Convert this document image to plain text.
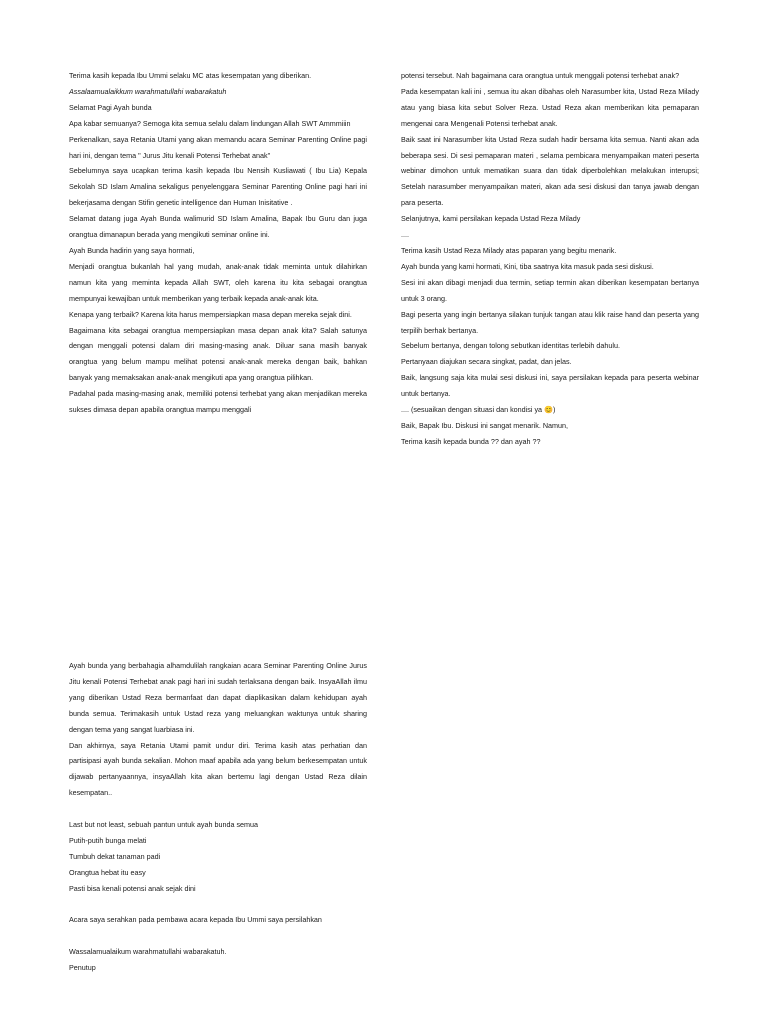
Terima kasih kepada Ibu Ummi selaku MC atas kesempatan yang diberikan.

Assalaamualaikkum warahmatullahi wabarakatuh

Selamat Pagi Ayah bunda

Apa kabar semuanya? Semoga kita semua selalu dalam lindungan Allah SWT Ammmiiin

Perkenalkan, saya Retania Utami yang akan memandu acara Seminar Parenting Online pagi hari ini, dengan tema " Jurus Jitu kenali Potensi Terhebat anak"

Sebelumnya saya ucapkan terima kasih kepada Ibu Nensih Kusliawati ( Ibu Lia) Kepala Sekolah SD Islam Amalina sekaligus penyelenggara Seminar Parenting Online pagi hari ini bekerjasama dengan Stifin genetic intelligence dan Human Inisitative .

Selamat datang juga Ayah Bunda walimurid SD Islam Amalina, Bapak Ibu Guru dan juga orangtua dimanapun berada yang mengikuti seminar online ini.

Ayah Bunda hadirin yang saya hormati,

Menjadi orangtua bukanlah hal yang mudah, anak-anak tidak meminta untuk dilahirkan namun kita yang meminta kepada Allah SWT, oleh karena itu kita sebagai orangtua mempunyai kewajiban untuk memberikan yang terbaik kepada anak-anak kita.

Kenapa yang terbaik? Karena kita harus mempersiapkan masa depan mereka sejak dini.

Bagaimana kita sebagai orangtua mempersiapkan masa depan anak kita? Salah satunya dengan menggali potensi dalam diri masing-masing anak. Diluar sana masih banyak orangtua yang belum mampu melihat potensi anak-anak mereka dengan baik, bahkan banyak yang memaksakan anak-anak mengikuti apa yang orangtua pilihkan.

Padahal pada masing-masing anak, memiliki potensi terhebat yang akan menjadikan mereka sukses dimasa depan apabila orangtua mampu menggali

potensi tersebut. Nah bagaimana cara orangtua untuk menggali potensi terhebat anak?

Pada kesempatan kali ini , semua itu akan dibahas oleh Narasumber kita, Ustad Reza Milady atau yang biasa kita sebut Solver Reza. Ustad Reza akan memberikan kita pemaparan mengenai cara Mengenali Potensi terhebat anak.

Baik saat ini Narasumber kita Ustad Reza sudah hadir bersama kita semua. Nanti akan ada beberapa sesi. Di sesi pemaparan materi , selama pembicara menyampaikan materi peserta webinar dimohon untuk mematikan suara dan tidak diperbolehkan melakukan interupsi; Setelah narasumber menyampaikan materi, akan ada sesi diskusi dan tanya jawab dengan para peserta.

Selanjutnya, kami persilakan kepada Ustad Reza Milady

....

Terima kasih Ustad Reza Milady atas paparan yang begitu menarik.

Ayah bunda yang kami hormati, Kini, tiba saatnya kita masuk pada sesi diskusi.

Sesi ini akan dibagi menjadi dua termin, setiap termin akan diberikan kesempatan bertanya untuk 3 orang.

Bagi peserta yang ingin bertanya silakan tunjuk tangan atau klik raise hand dan peserta yang terpilih berhak bertanya.

Sebelum bertanya, dengan tolong sebutkan identitas terlebih dahulu.

Pertanyaan diajukan secara singkat, padat, dan jelas.

Baik, langsung saja kita mulai sesi diskusi ini, saya persilakan kepada para peserta webinar untuk bertanya.

.... (sesuaikan dengan situasi dan kondisi ya 😊)

Baik, Bapak Ibu. Diskusi ini sangat menarik. Namun,

Terima kasih kepada bunda ?? dan ayah ??

Ayah bunda yang berbahagia alhamdulilah rangkaian acara Seminar Parenting Online Jurus Jitu kenali Potensi Terhebat anak pagi hari ini sudah terlaksana dengan baik. InsyaAllah ilmu yang diberikan Ustad Reza bermanfaat dan dapat diaplikasikan dalam kehidupan ayah bunda semua. Terimakasih untuk Ustad reza yang meluangkan waktunya untuk sharing dengan tema yang sangat luarbiasa ini.

Dan akhirnya, saya Retania Utami pamit undur diri. Terima kasih atas perhatian dan partisipasi ayah bunda sekalian. Mohon maaf apabila ada yang belum berkesempatan untuk dijawab pertanyaannya, insyaAllah kita akan bertemu lagi dengan Ustad Reza dilain kesempatan..

Last but not least, sebuah pantun untuk ayah bunda semua

Putih-putih bunga melati

Tumbuh dekat tanaman padi

Orangtua hebat itu easy

Pasti bisa kenali potensi anak sejak dini

Acara saya serahkan pada pembawa acara kepada Ibu Ummi saya persilahkan

Wassalamualaikum warahmatullahi wabarakatuh.

Penutup
